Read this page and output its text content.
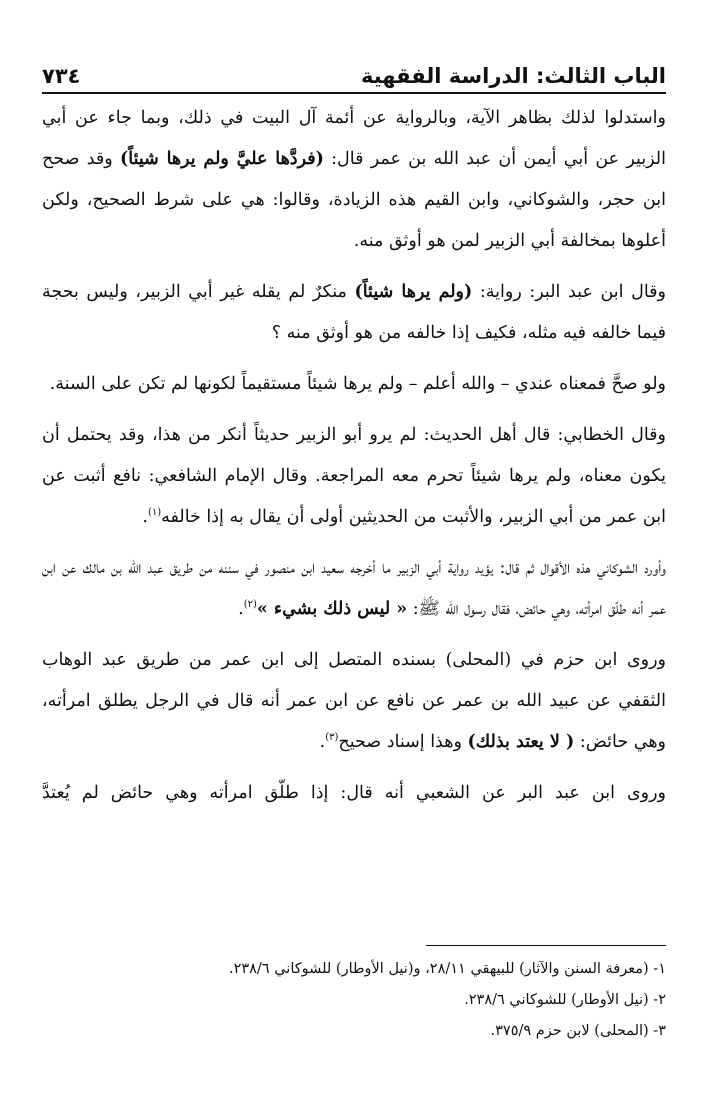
الباب الثالث: الدراسة الفقهية
٧٣٤

واستدلوا لذلك بظاهر الآية، وبالرواية عن أئمة آل البيت في ذلك، وبما جاء عن أبي الزبير عن أبي أيمن أن عبد الله بن عمر قال: (فردَّها عليَّ ولم يرها شيئاً) وقد صحح ابن حجر، والشوكاني، وابن القيم هذه الزيادة، وقالوا: هي على شرط الصحيح، ولكن أعلوها بمخالفة أبي الزبير لمن هو أوثق منه.

وقال ابن عبد البر: رواية: (ولم يرها شيئاً) منكرٌ لم يقله غير أبي الزبير، وليس بحجة فيما خالفه فيه مثله، فكيف إذا خالفه من هو أوثق منه ؟

ولو صحَّ فمعناه عندي – والله أعلم – ولم يرها شيئاً مستقيماً لكونها لم تكن على السنة.

وقال الخطابي: قال أهل الحديث: لم يرو أبو الزبير حديثاً أنكر من هذا، وقد يحتمل أن يكون معناه، ولم يرها شيئاً تحرم معه المراجعة. وقال الإمام الشافعي: نافع أثبت عن ابن عمر من أبي الزبير، والأثبت من الحديثين أولى أن يقال به إذا خالفه$^{(١)}$.

وأورد الشوكاني هذه الأقوال ثم قال: يؤيد رواية أبي الزبير ما أخرجه سعيد ابن منصور في سننه من طريق عبد الله بن مالك عن ابن عمر أنه طلّق امرأته، وهي حائض، فقال رسول الله ﷺ: « ليس ذلك بشيء »$^{(٢)}$.

وروى ابن حزم في (المحلى) بسنده المتصل إلى ابن عمر من طريق عبد الوهاب الثقفي عن عبيد الله بن عمر عن نافع عن ابن عمر أنه قال في الرجل يطلق امرأته، وهي حائض: ( لا يعتد بذلك) وهذا إسناد صحيح$^{(٣)}$.

وروى ابن عبد البر عن الشعبي أنه قال: إذا طلّق امرأته وهي حائض لم يُعتدَّ

١- (معرفة السنن والآثار) للبيهقي ٢٨/١١، و(نيل الأوطار) للشوكاني ٢٣٨/٦.

٢- (نيل الأوطار) للشوكاني ٢٣٨/٦.

٣- (المحلى) لابن حزم ٣٧٥/٩.
